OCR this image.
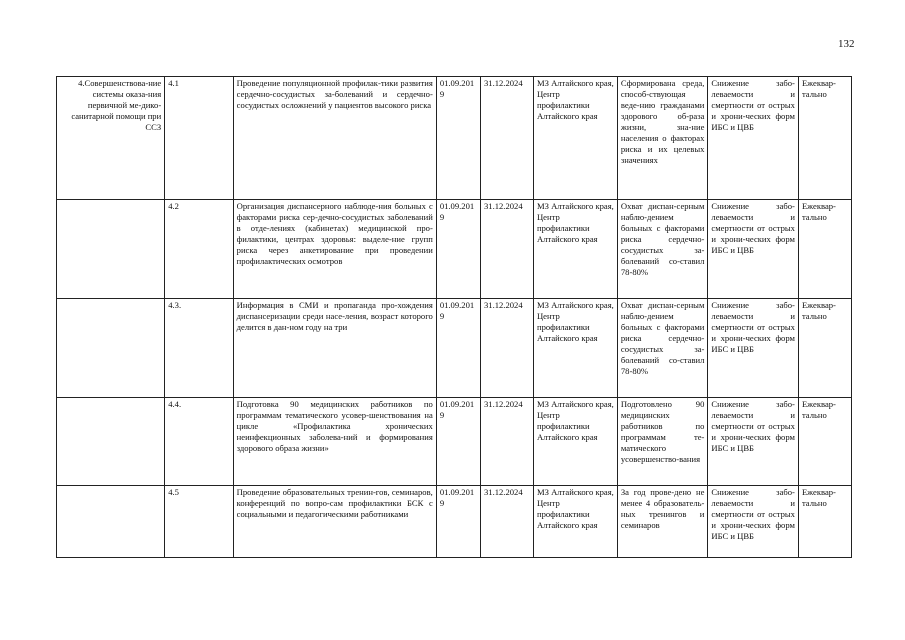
132
4.Совершенствова-ние системы оказа-ния первичной ме-дико-санитарной помощи при ССЗ	4.1	Проведение популяционной профилак-тики развития сердечно-сосудистых за-болеваний и сердечно-сосудистых осложнений у пациентов высокого риска	01.09.2019	31.12.2024	МЗ Алтайского края, Центр профилактики Алтайского края	Сформирована среда, способ-ствующая веде-нию гражданами здорового об-раза жизни, зна-ние населения о факторах риска и их целевых значениях	Снижение забо-леваемости и смертности от острых и хрони-ческих форм ИБС и ЦВБ	Ежеквар-тально
	4.2	Организация диспансерного наблюде-ния больных с факторами риска сер-дечно-сосудистых заболеваний в отде-лениях (кабинетах) медицинской про-филактики, центрах здоровья: выделе-ние групп риска через анкетирование при проведении профилактических осмотров	01.09.2019	31.12.2024	МЗ Алтайского края, Центр профилактики Алтайского края	Охват диспан-серным наблю-дением больных с факторами риска сердечно-сосудистых за-болеваний со-ставил 78-80%	Снижение забо-леваемости и смертности от острых и хрони-ческих форм ИБС и ЦВБ	Ежеквар-тально
	4.3.	Информация в СМИ и пропаганда про-хождения диспансеризации среди насе-ления, возраст которого делится в дан-ном году на три	01.09.2019	31.12.2024	МЗ Алтайского края, Центр профилактики Алтайского края	Охват диспан-серным наблю-дением больных с факторами риска сердечно-сосудистых за-болеваний со-ставил 78-80%	Снижение забо-леваемости и смертности от острых и хрони-ческих форм ИБС и ЦВБ	Ежеквар-тально
	4.4.	Подготовка 90 медицинских работников по программам тематического усовер-шенствования на цикле «Профилактика хронических неинфекционных заболева-ний и формирования здорового образа жизни»	01.09.2019	31.12.2024	МЗ Алтайского края, Центр профилактики Алтайского края	Подготовлено 90 медицинских работников по программам те-матического усовершенство-вания	Снижение забо-леваемости и смертности от острых и хрони-ческих форм ИБС и ЦВБ	Ежеквар-тально
	4.5	Проведение образовательных тренин-гов, семинаров, конференций по вопро-сам профилактики БСК с социальными и педагогическими работниками	01.09.2019	31.12.2024	МЗ Алтайского края, Центр профилактики Алтайского края	За год прове-дено не менее 4 образователь-ных тренингов и семинаров	Снижение забо-леваемости и смертности от острых и хрони-ческих форм ИБС и ЦВБ	Ежеквар-тально
